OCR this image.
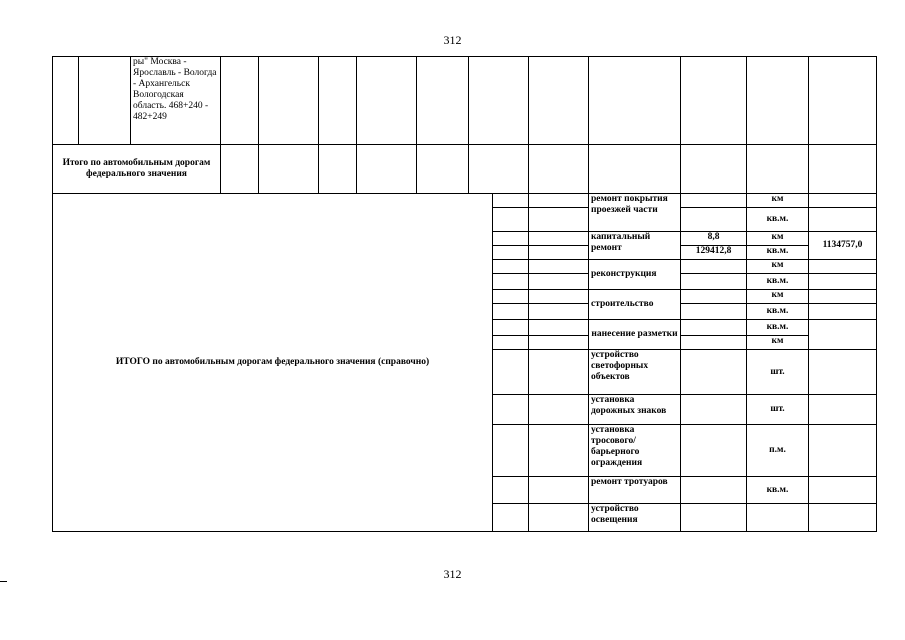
312
		ры" Москва - Ярославль - Вологда - Архангельск Вологодская область. 468+240 - 482+249												
Итого по автомобильным дорогам федерального значения														
ИТОГО по автомобильным дорогам федерального значения (справочно)											ремонт покрытия проезжей части		км	
													кв.м.	
											капитальный ремонт	8,8	км	1134757,0
												129412,8	кв.м.	
											реконструкция		км	
													кв.м.	
											строительство		км	
													кв.м.	
											нанесение разметки		кв.м.	
													км	
											устройство светофорных объектов		шт.	
											установка дорожных знаков		шт.	
											установка тросового/барьерного ограждения		п.м.	
											ремонт тротуаров		кв.м.	
											устройство освещения			
312
